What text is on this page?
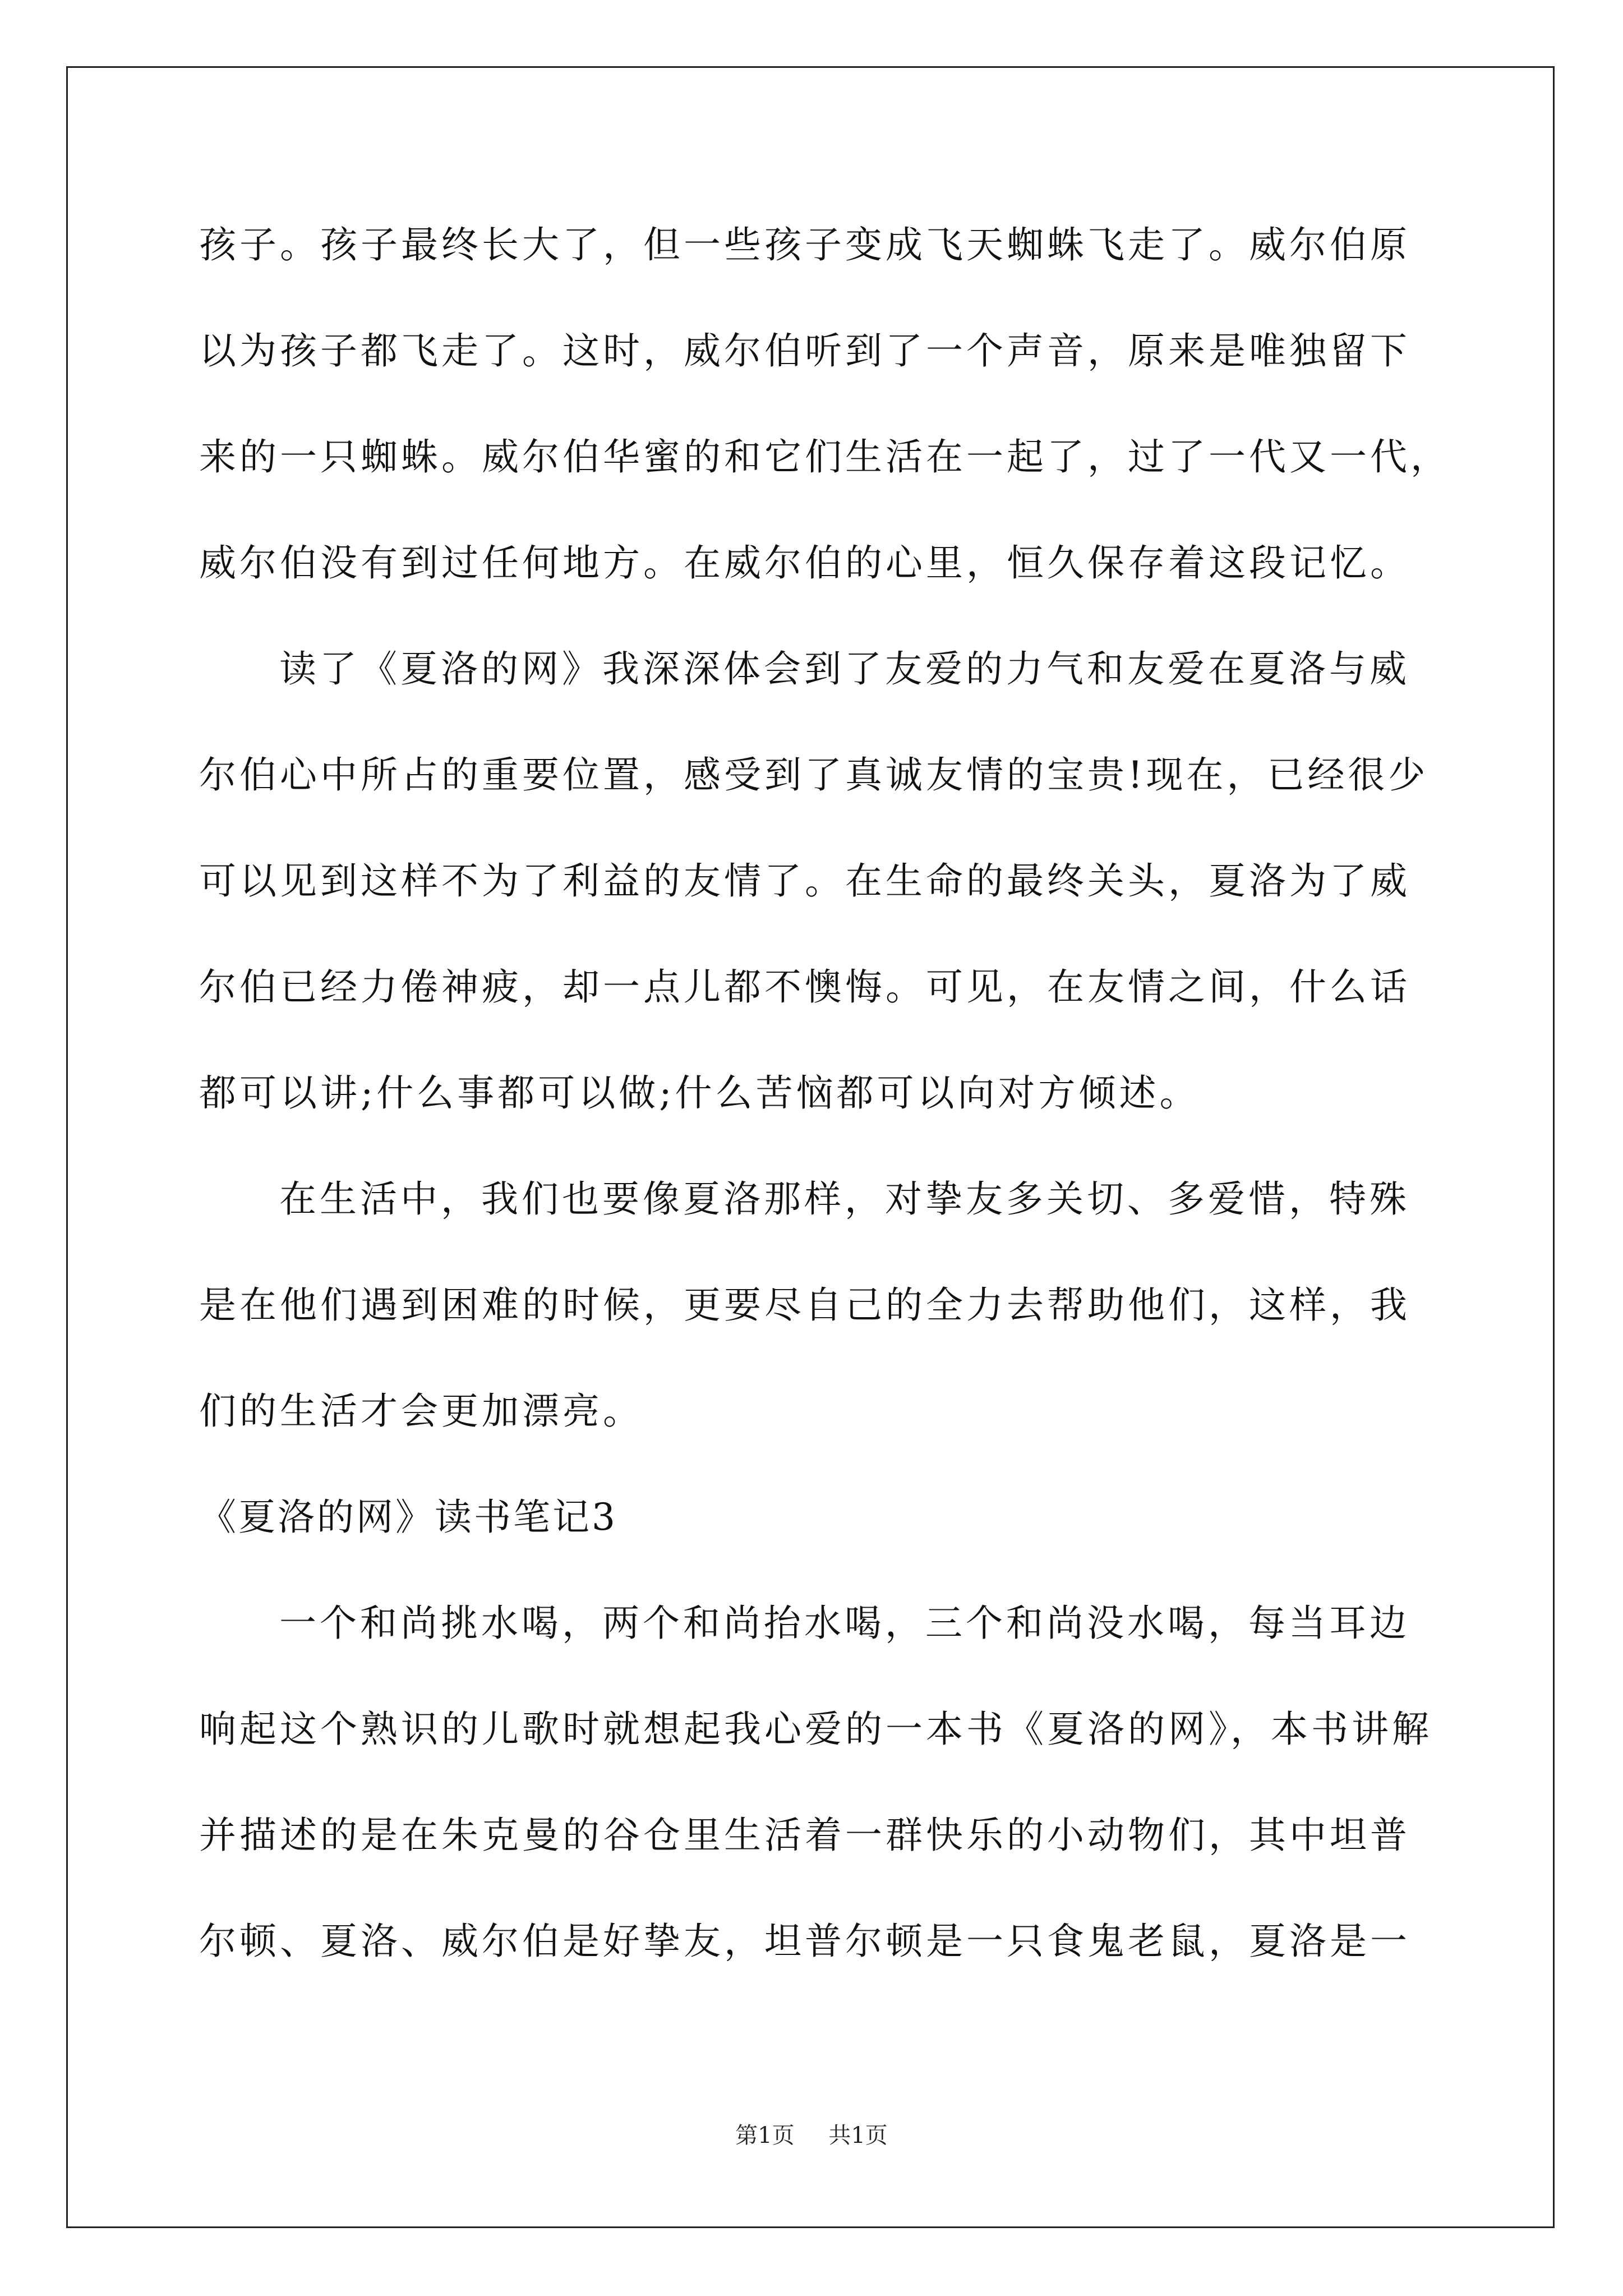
孩子。孩子最终长大了，但一些孩子变成飞天蜘蛛飞走了。威尔伯原

以为孩子都飞走了。这时，威尔伯听到了一个声音，原来是唯独留下

来的一只蜘蛛。威尔伯华蜜的和它们生活在一起了，过了一代又一代，

威尔伯没有到过任何地方。在威尔伯的心里，恒久保存着这段记忆。

读了《夏洛的网》我深深体会到了友爱的力气和友爱在夏洛与威

尔伯心中所占的重要位置，感受到了真诚友情的宝贵!现在，已经很少

可以见到这样不为了利益的友情了。在生命的最终关头，夏洛为了威

尔伯已经力倦神疲，却一点儿都不懊悔。可见，在友情之间，什么话

都可以讲;什么事都可以做;什么苦恼都可以向对方倾述。

在生活中，我们也要像夏洛那样，对挚友多关切、多爱惜，特殊

是在他们遇到困难的时候，更要尽自己的全力去帮助他们，这样，我

们的生活才会更加漂亮。

《夏洛的网》读书笔记3

一个和尚挑水喝，两个和尚抬水喝，三个和尚没水喝，每当耳边

响起这个熟识的儿歌时就想起我心爱的一本书《夏洛的网》，本书讲解

并描述的是在朱克曼的谷仓里生活着一群快乐的小动物们，其中坦普

尔顿、夏洛、威尔伯是好挚友，坦普尔顿是一只食鬼老鼠，夏洛是一

第1页 共1页
